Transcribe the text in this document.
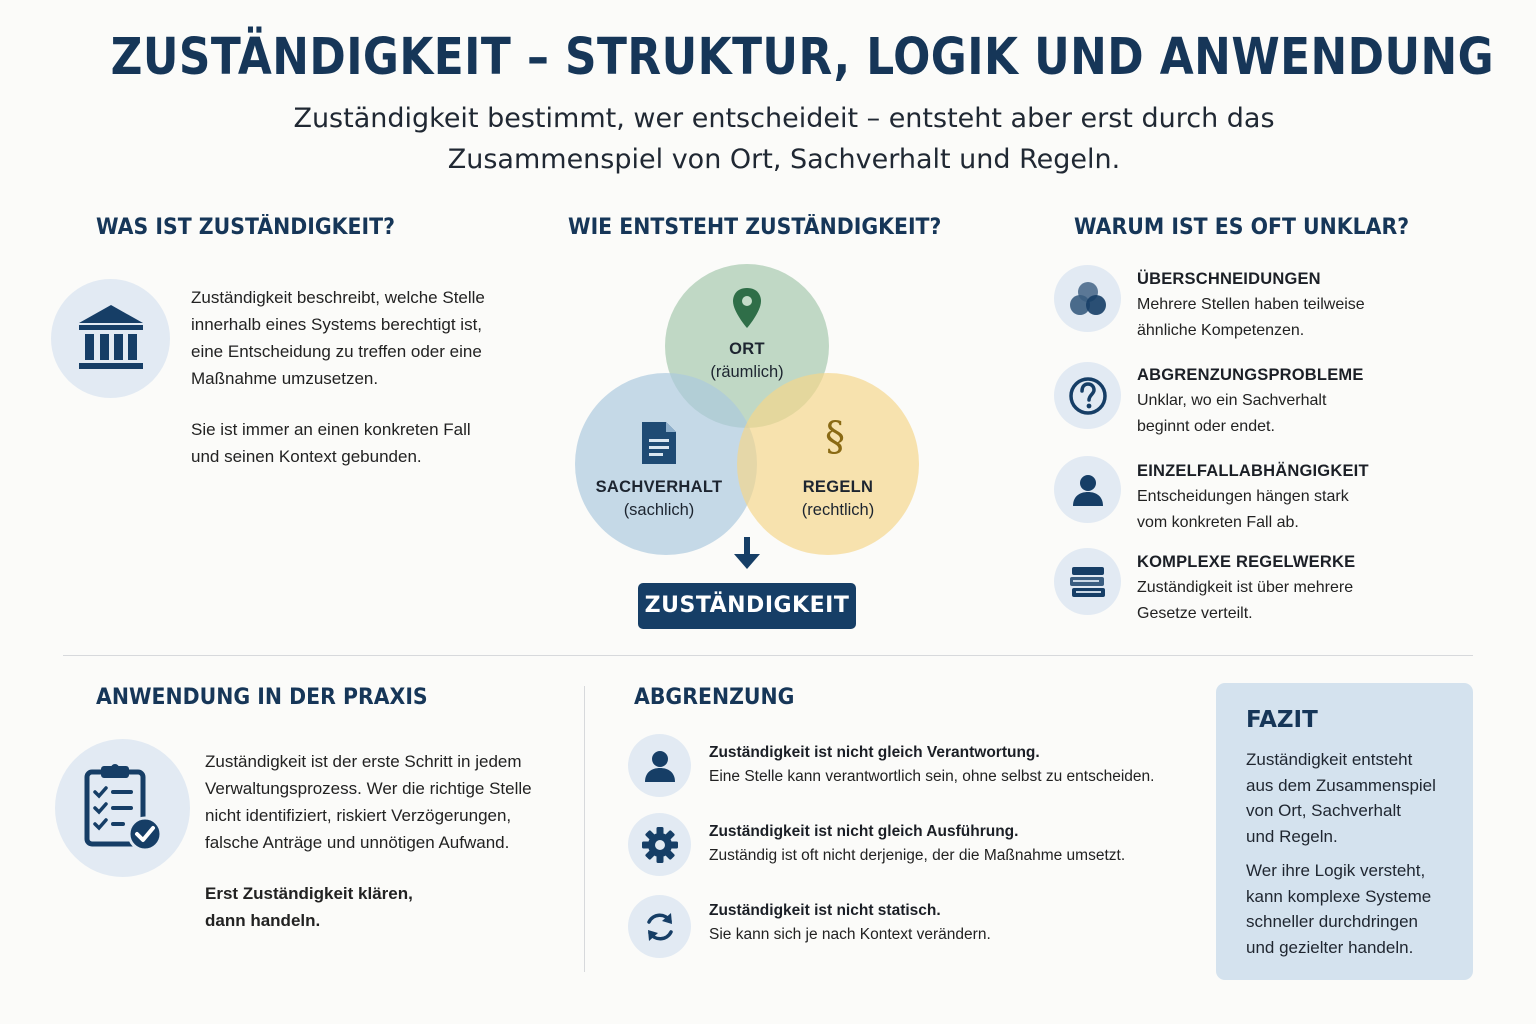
ZUSTÄNDIGKEIT – STRUKTUR, LOGIK UND ANWENDUNG
Zuständigkeit bestimmt, wer entscheideit – entsteht aber erst durch das
Zusammenspiel von Ort, Sachverhalt und Regeln.
WAS IST ZUSTÄNDIGKEIT?
Zuständigkeit beschreibt, welche Stelle
innerhalb eines Systems berechtigt ist,
eine Entscheidung zu treffen oder eine
Maßnahme umzusetzen.
Sie ist immer an einen konkreten Fall
und seinen Kontext gebunden.
WIE ENTSTEHT ZUSTÄNDIGKEIT?
§
ORT
(räumlich)
SACHVERHALT
(sachlich)
REGELN
(rechtlich)
ZUSTÄNDIGKEIT
WARUM IST ES OFT UNKLAR?
ÜBERSCHNEIDUNGEN
Mehrere Stellen haben teilweise
ähnliche Kompetenzen.
ABGRENZUNGSPROBLEME
Unklar, wo ein Sachverhalt
beginnt oder endet.
EINZELFALLABHÄNGIGKEIT
Entscheidungen hängen stark
vom konkreten Fall ab.
KOMPLEXE REGELWERKE
Zuständigkeit ist über mehrere
Gesetze verteilt.
ANWENDUNG IN DER PRAXIS
Zuständigkeit ist der erste Schritt in jedem
Verwaltungsprozess. Wer die richtige Stelle
nicht identifiziert, riskiert Verzögerungen,
falsche Anträge und unnötigen Aufwand.
Erst Zuständigkeit klären,
dann handeln.
ABGRENZUNG
Zuständigkeit ist nicht gleich Verantwortung.
Eine Stelle kann verantwortlich sein, ohne selbst zu entscheiden.
Zuständigkeit ist nicht gleich Ausführung.
Zuständig ist oft nicht derjenige, der die Maßnahme umsetzt.
Zuständigkeit ist nicht statisch.
Sie kann sich je nach Kontext verändern.
FAZIT
Zuständigkeit entsteht
aus dem Zusammenspiel
von Ort, Sachverhalt
und Regeln.
Wer ihre Logik versteht,
kann komplexe Systeme
schneller durchdringen
und gezielter handeln.
